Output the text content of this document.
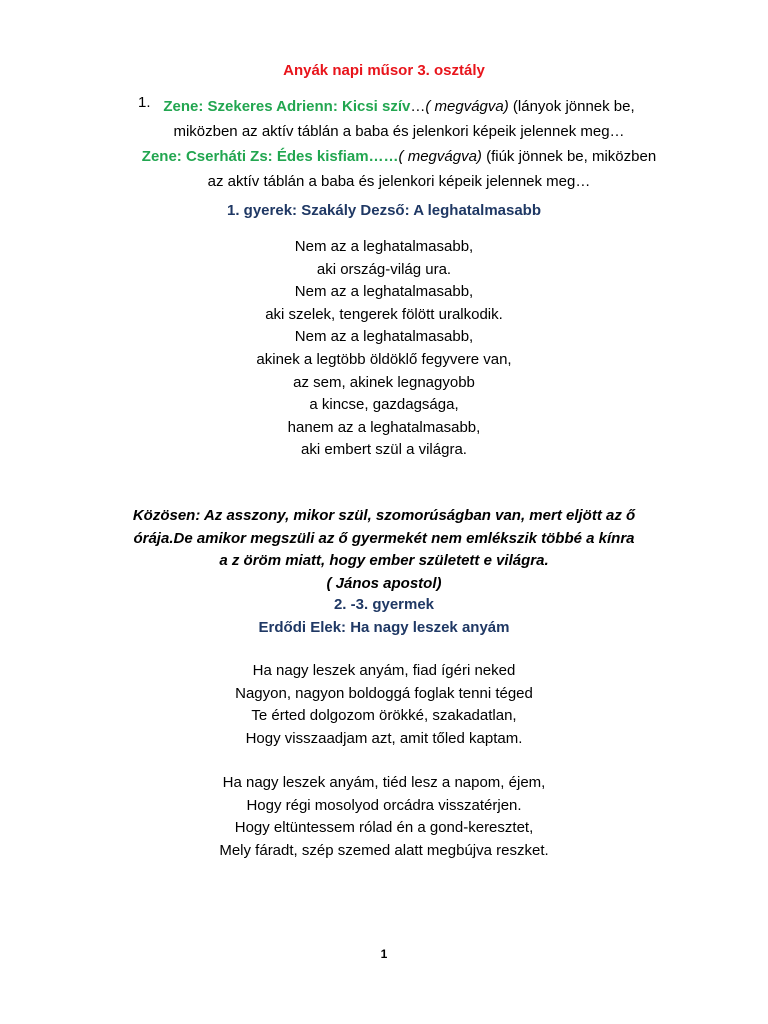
Anyák napi műsor 3. osztály
1. Zene: Szekeres Adrienn: Kicsi szív…( megvágva) (lányok jönnek be,
miközben az aktív táblán a baba és jelenkori képeik jelennek meg…
Zene: Cserháti Zs: Édes kisfiam……( megvágva) (fiúk jönnek be, miközben
az aktív táblán a baba és jelenkori képeik jelennek meg…
1. gyerek: Szakály Dezső: A leghatalmasabb
Nem az a leghatalmasabb,
aki ország-világ ura.
Nem az a leghatalmasabb,
aki szelek, tengerek fölött uralkodik.
Nem az a leghatalmasabb,
akinek a legtöbb öldöklő fegyvere van,
az sem, akinek legnagyobb
a kincse, gazdagsága,
hanem az a leghatalmasabb,
aki embert szül a világra.
Közösen: Az asszony, mikor szül, szomorúságban van, mert eljött az ő
órája.De amikor megszüli az ő gyermekét nem emlékszik többé a kínra
a z öröm miatt, hogy ember született e világra.
( János apostol)
2. -3. gyermek
Erdődi Elek: Ha nagy leszek anyám
Ha nagy leszek anyám, fiad ígéri neked
Nagyon, nagyon boldoggá foglak tenni téged
Te érted dolgozom örökké, szakadatlan,
Hogy visszaadjam azt, amit tőled kaptam.
Ha nagy leszek anyám, tiéd lesz a napom, éjem,
Hogy régi mosolyod orcádra visszatérjen.
Hogy eltüntessem rólad én a gond-keresztet,
Mely fáradt, szép szemed alatt megbújva reszket.
1
